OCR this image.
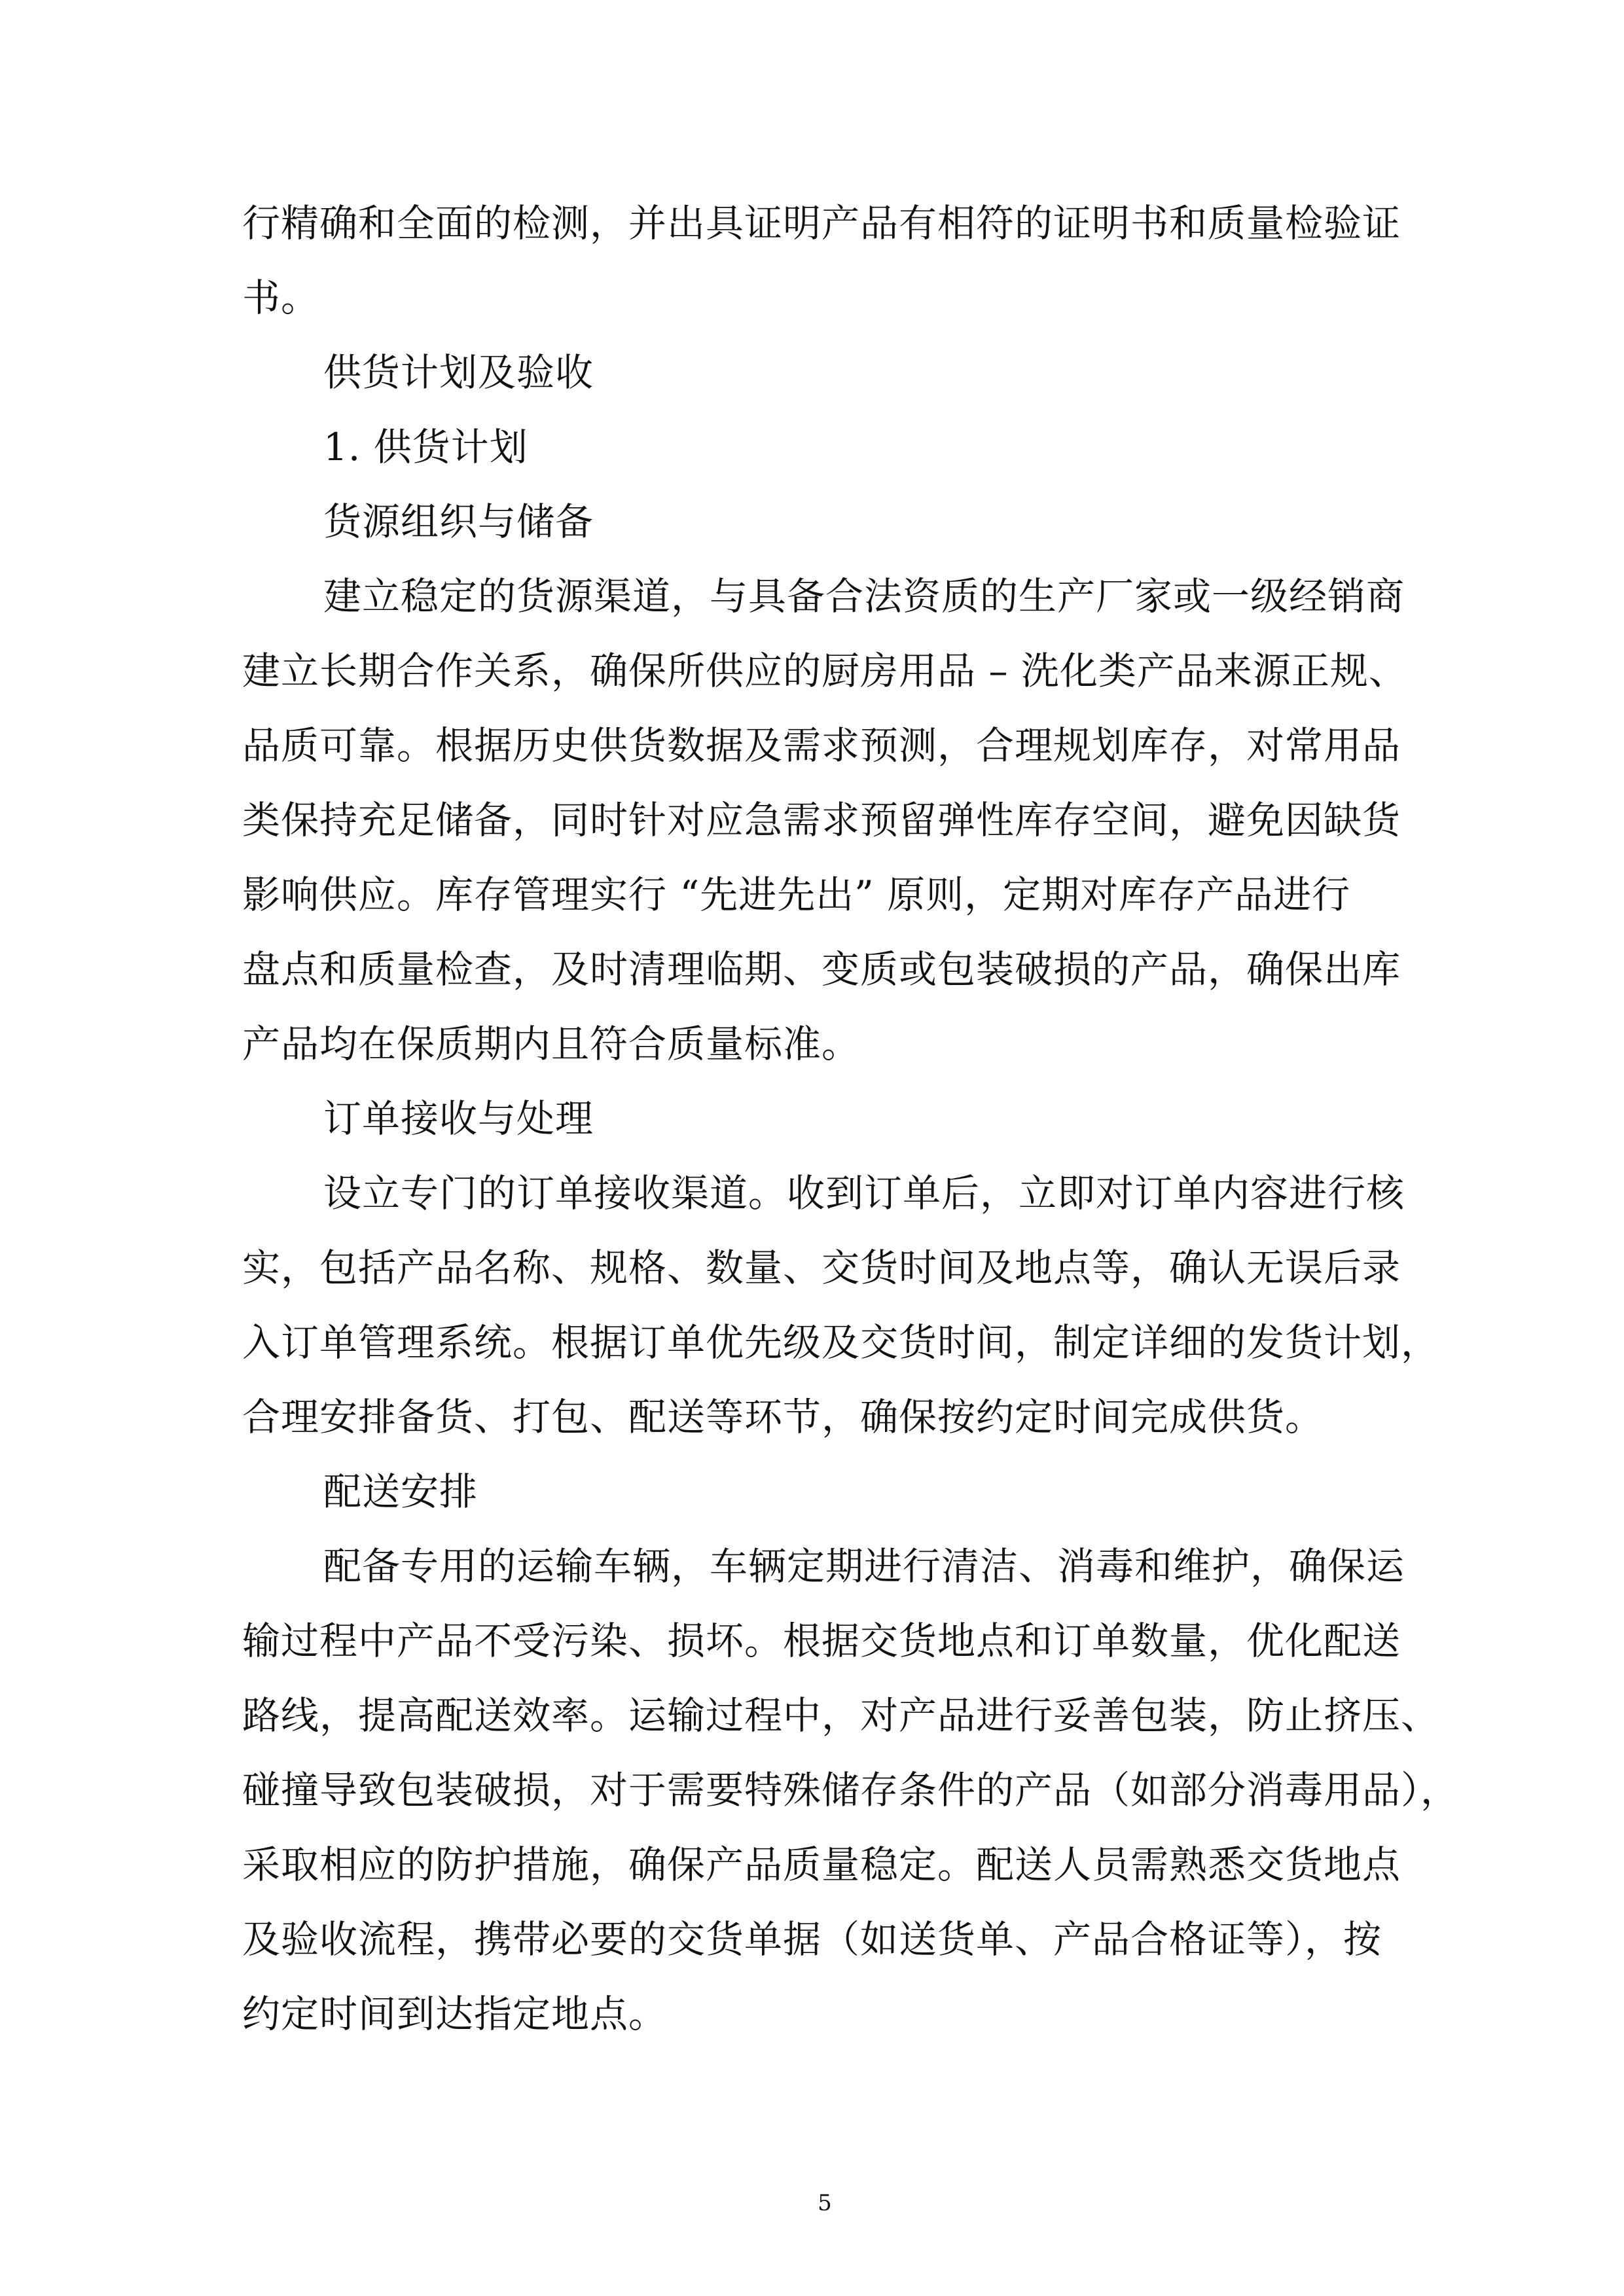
行精确和全面的检测，并出具证明产品有相符的证明书和质量检验证
书。
供货计划及验收
1. 供货计划
货源组织与储备
建立稳定的货源渠道，与具备合法资质的生产厂家或一级经销商
建立长期合作关系，确保所供应的厨房用品 – 洗化类产品来源正规、
品质可靠。根据历史供货数据及需求预测，合理规划库存，对常用品
类保持充足储备，同时针对应急需求预留弹性库存空间，避免因缺货
影响供应。库存管理实行 “先进先出” 原则，定期对库存产品进行
盘点和质量检查，及时清理临期、变质或包装破损的产品，确保出库
产品均在保质期内且符合质量标准。
订单接收与处理
设立专门的订单接收渠道。收到订单后，立即对订单内容进行核
实，包括产品名称、规格、数量、交货时间及地点等，确认无误后录
入订单管理系统。根据订单优先级及交货时间，制定详细的发货计划，
合理安排备货、打包、配送等环节，确保按约定时间完成供货。
配送安排
配备专用的运输车辆，车辆定期进行清洁、消毒和维护，确保运
输过程中产品不受污染、损坏。根据交货地点和订单数量，优化配送
路线，提高配送效率。运输过程中，对产品进行妥善包装，防止挤压、
碰撞导致包装破损，对于需要特殊储存条件的产品（如部分消毒用品），
采取相应的防护措施，确保产品质量稳定。配送人员需熟悉交货地点
及验收流程，携带必要的交货单据（如送货单、产品合格证等），按
约定时间到达指定地点。
5
